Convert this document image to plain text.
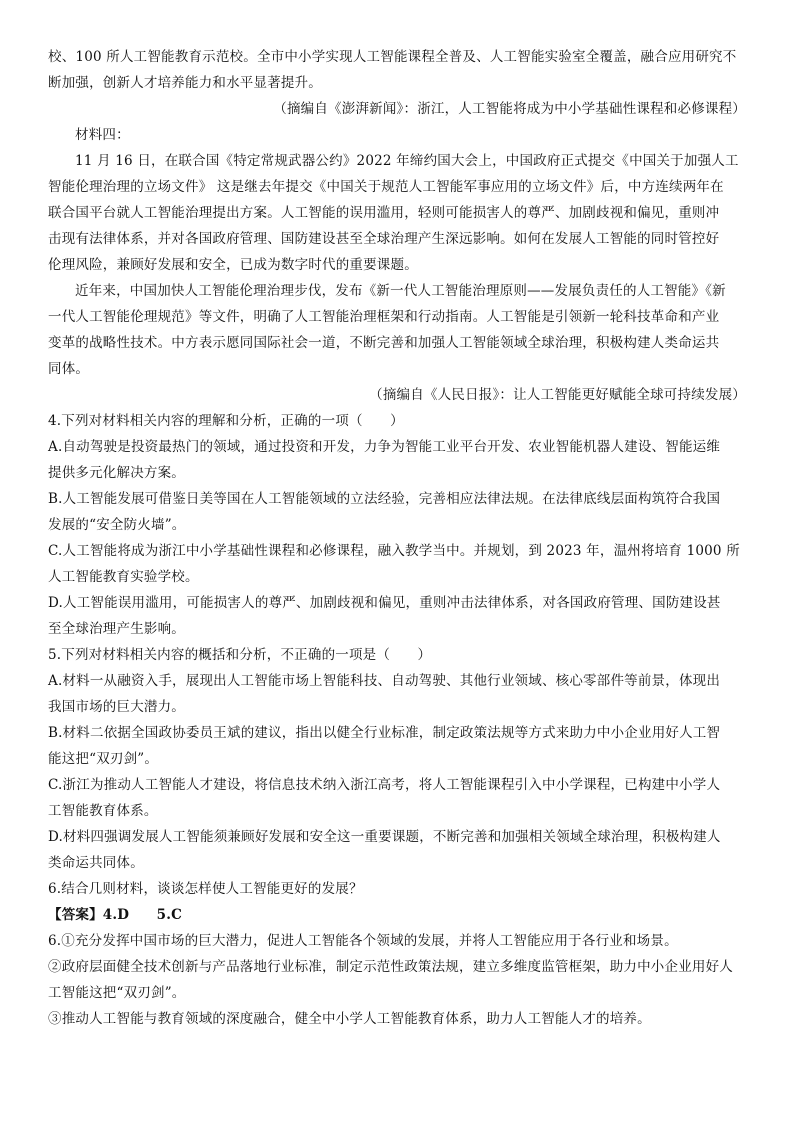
校、100 所人工智能教育示范校。全市中小学实现人工智能课程全普及、人工智能实验室全覆盖，融合应用研究不
断加强，创新人才培养能力和水平显著提升。
（摘编自《澎湃新闻》：浙江，人工智能将成为中小学基础性课程和必修课程）
材料四：
11 月 16 日，在联合国《特定常规武器公约》2022 年缔约国大会上，中国政府正式提交《中国关于加强人工
智能伦理治理的立场文件》 这是继去年提交《中国关于规范人工智能军事应用的立场文件》后，中方连续两年在
联合国平台就人工智能治理提出方案。人工智能的误用滥用，轻则可能损害人的尊严、加剧歧视和偏见，重则冲
击现有法律体系，并对各国政府管理、国防建设甚至全球治理产生深远影响。如何在发展人工智能的同时管控好
伦理风险，兼顾好发展和安全，已成为数字时代的重要课题。
近年来，中国加快人工智能伦理治理步伐，发布《新一代人工智能治理原则——发展负责任的人工智能》《新
一代人工智能伦理规范》等文件，明确了人工智能治理框架和行动指南。人工智能是引领新一轮科技革命和产业
变革的战略性技术。中方表示愿同国际社会一道，不断完善和加强人工智能领域全球治理，积极构建人类命运共
同体。
（摘编自《人民日报》：让人工智能更好赋能全球可持续发展）
4.下列对材料相关内容的理解和分析，正确的一项（　　）
A.自动驾驶是投资最热门的领域，通过投资和开发，力争为智能工业平台开发、农业智能机器人建设、智能运维
提供多元化解决方案。
B.人工智能发展可借鉴日美等国在人工智能领域的立法经验，完善相应法律法规。在法律底线层面构筑符合我国
发展的“安全防火墙”。
C.人工智能将成为浙江中小学基础性课程和必修课程，融入教学当中。并规划，到 2023 年，温州将培育 1000 所
人工智能教育实验学校。
D.人工智能误用滥用，可能损害人的尊严、加剧歧视和偏见，重则冲击法律体系，对各国政府管理、国防建设甚
至全球治理产生影响。
5.下列对材料相关内容的概括和分析，不正确的一项是（　　）
A.材料一从融资入手，展现出人工智能市场上智能科技、自动驾驶、其他行业领域、核心零部件等前景，体现出
我国市场的巨大潜力。
B.材料二依据全国政协委员王斌的建议，指出以健全行业标准，制定政策法规等方式来助力中小企业用好人工智
能这把“双刃剑”。
C.浙江为推动人工智能人才建设，将信息技术纳入浙江高考，将人工智能课程引入中小学课程，已构建中小学人
工智能教育体系。
D.材料四强调发展人工智能须兼顾好发展和安全这一重要课题，不断完善和加强相关领域全球治理，积极构建人
类命运共同体。
6.结合几则材料，谈谈怎样使人工智能更好的发展？
【答案】4.D　　5.C
6.①充分发挥中国市场的巨大潜力，促进人工智能各个领域的发展，并将人工智能应用于各行业和场景。
②政府层面健全技术创新与产品落地行业标准，制定示范性政策法规，建立多维度监管框架，助力中小企业用好人
工智能这把“双刃剑”。
③推动人工智能与教育领域的深度融合，健全中小学人工智能教育体系，助力人工智能人才的培养。
